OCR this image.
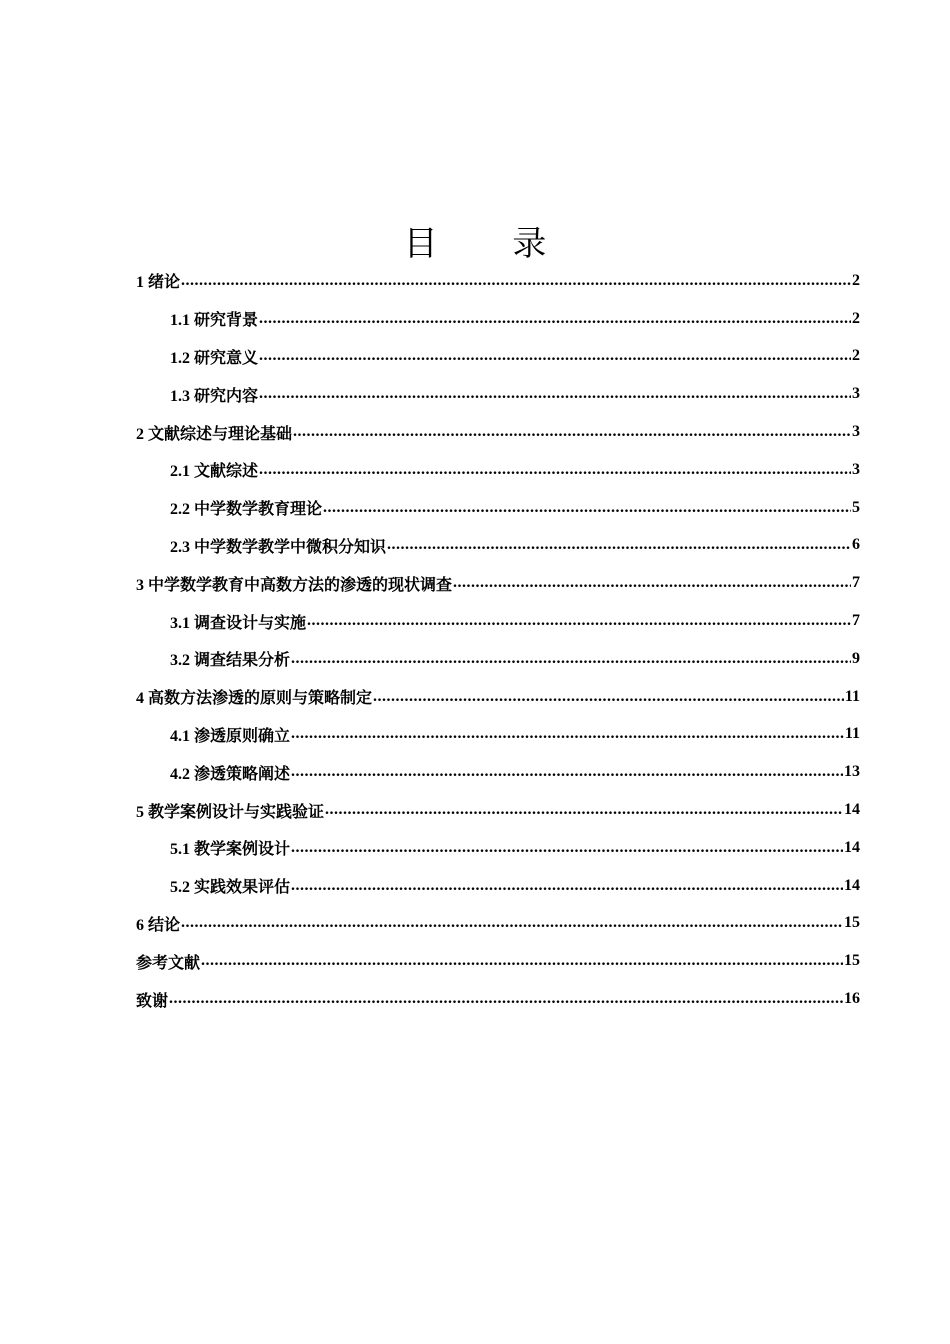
目 录
1 绪论 .....	2
1.1 研究背景 .....	2
1.2 研究意义 .....	2
1.3 研究内容 .....	3
2 文献综述与理论基础 .....	3
2.1 文献综述 .....	3
2.2 中学数学教育理论 .....	5
2.3 中学数学教学中微积分知识 .....	6
3 中学数学教育中高数方法的渗透的现状调查 .....	7
3.1 调查设计与实施 .....	7
3.2 调查结果分析 .....	9
4 高数方法渗透的原则与策略制定 .....	11
4.1 渗透原则确立 .....	11
4.2 渗透策略阐述 .....	13
5 教学案例设计与实践验证 .....	14
5.1 教学案例设计 .....	14
5.2 实践效果评估 .....	14
6 结论 .....	15
参考文献 .....	15
致谢 .....	16
